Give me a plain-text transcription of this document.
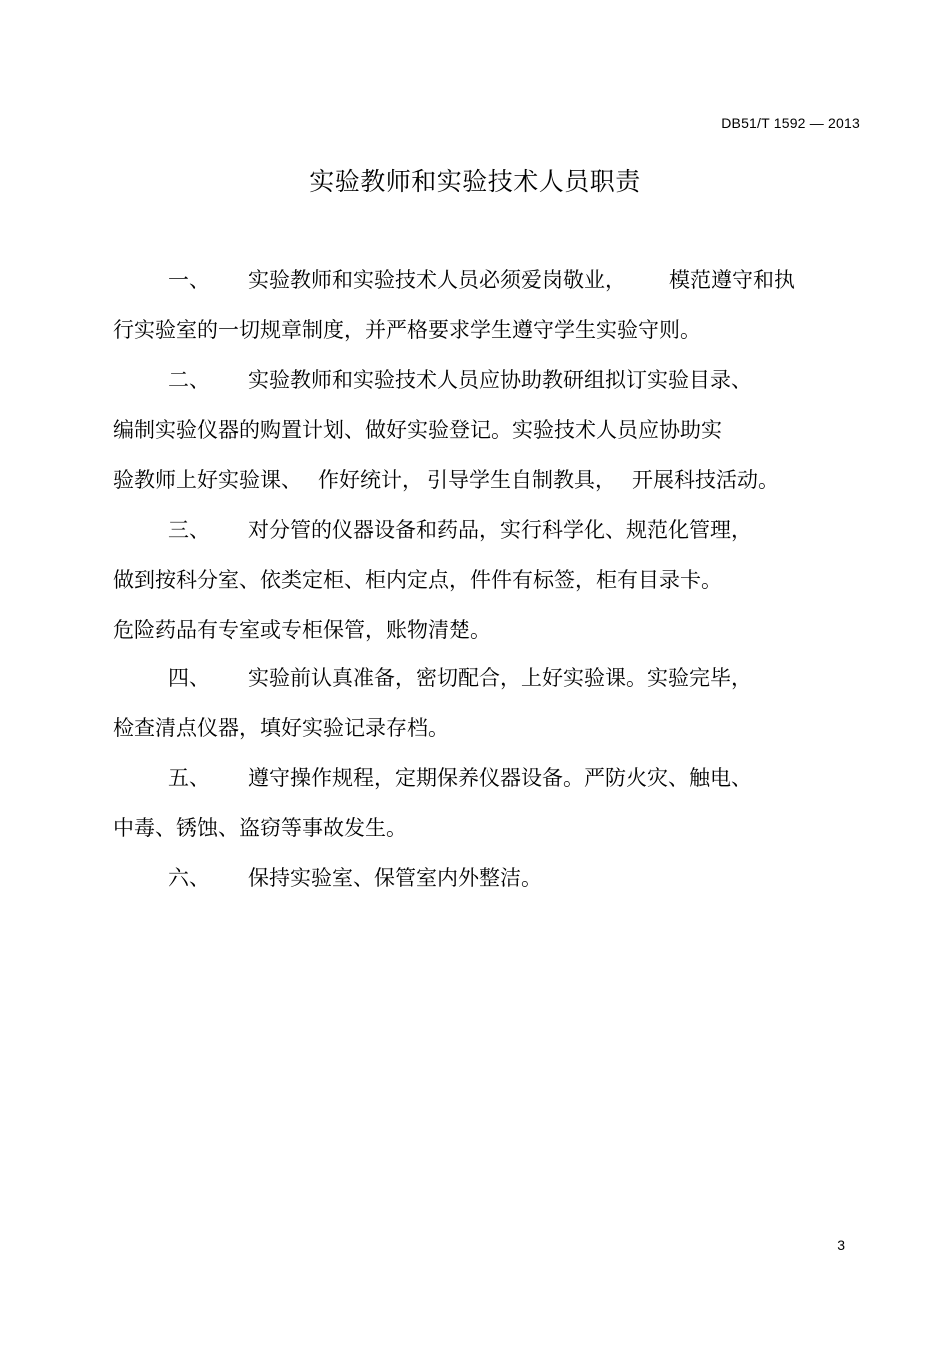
DB51/T 1592 — 2013
实验教师和实验技术人员职责
一、 实验教师和实验技术人员必须爱岗敬业， 模范遵守和执
行实验室的一切规章制度，并严格要求学生遵守学生实验守则。
二、 实验教师和实验技术人员应协助教研组拟订实验目录、
编制实验仪器的购置计划、做好实验登记。实验技术人员应协助实
验教师上好实验课、 作好统计， 引导学生自制教具， 开展科技活动。
三、 对分管的仪器设备和药品，实行科学化、规范化管理，
做到按科分室、依类定柜、柜内定点，件件有标签，柜有目录卡。
危险药品有专室或专柜保管，账物清楚。
四、 实验前认真准备，密切配合，上好实验课。实验完毕，
检查清点仪器，填好实验记录存档。
五、 遵守操作规程，定期保养仪器设备。严防火灾、触电、
中毒、锈蚀、盗窃等事故发生。
六、 保持实验室、保管室内外整洁。
3
